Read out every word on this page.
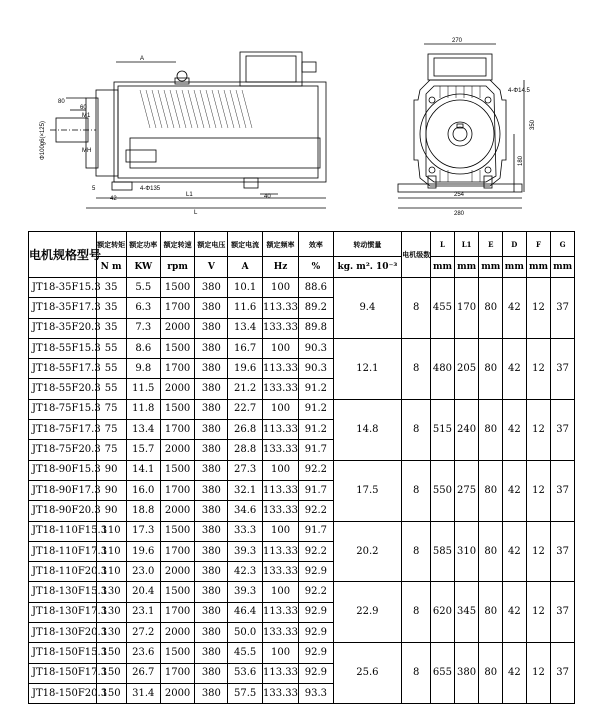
A
80
60
M1
MH
Φ100g6(×125)
5
42
4-Φ135
40
L1
L
270
4-Φ14.5
350
180
254
280
电机规格型号	额定转矩	额定功率	额定转速	额定电压	额定电流	额定频率	效率	转动惯量	电机级数	L	L1	E	D	F	G
	N m	KW	rpm	V	A	Hz	%	kg. m². 10⁻³		mm	mm	mm	mm	mm	mm
JT18-35F15.3	35	5.5	1500	380	10.1	100	88.6	9.4	8	455	170	80	42	12	37
JT18-35F17.3	35	6.3	1700	380	11.6	113.33	89.2								
JT18-35F20.3	35	7.3	2000	380	13.4	133.33	89.8								
JT18-55F15.3	55	8.6	1500	380	16.7	100	90.3	12.1	8	480	205	80	42	12	37
JT18-55F17.3	55	9.8	1700	380	19.6	113.33	90.3								
JT18-55F20.3	55	11.5	2000	380	21.2	133.33	91.2								
JT18-75F15.3	75	11.8	1500	380	22.7	100	91.2	14.8	8	515	240	80	42	12	37
JT18-75F17.3	75	13.4	1700	380	26.8	113.33	91.2								
JT18-75F20.3	75	15.7	2000	380	28.8	133.33	91.7								
JT18-90F15.3	90	14.1	1500	380	27.3	100	92.2	17.5	8	550	275	80	42	12	37
JT18-90F17.3	90	16.0	1700	380	32.1	113.33	91.7								
JT18-90F20.3	90	18.8	2000	380	34.6	133.33	92.2								
JT18-110F15.3	110	17.3	1500	380	33.3	100	91.7	20.2	8	585	310	80	42	12	37
JT18-110F17.3	110	19.6	1700	380	39.3	113.33	92.2								
JT18-110F20.3	110	23.0	2000	380	42.3	133.33	92.9								
JT18-130F15.3	130	20.4	1500	380	39.3	100	92.2	22.9	8	620	345	80	42	12	37
JT18-130F17.3	130	23.1	1700	380	46.4	113.33	92.9								
JT18-130F20.3	130	27.2	2000	380	50.0	133.33	92.9								
JT18-150F15.3	150	23.6	1500	380	45.5	100	92.9	25.6	8	655	380	80	42	12	37
JT18-150F17.3	150	26.7	1700	380	53.6	113.33	92.9								
JT18-150F20.3	150	31.4	2000	380	57.5	133.33	93.3								
